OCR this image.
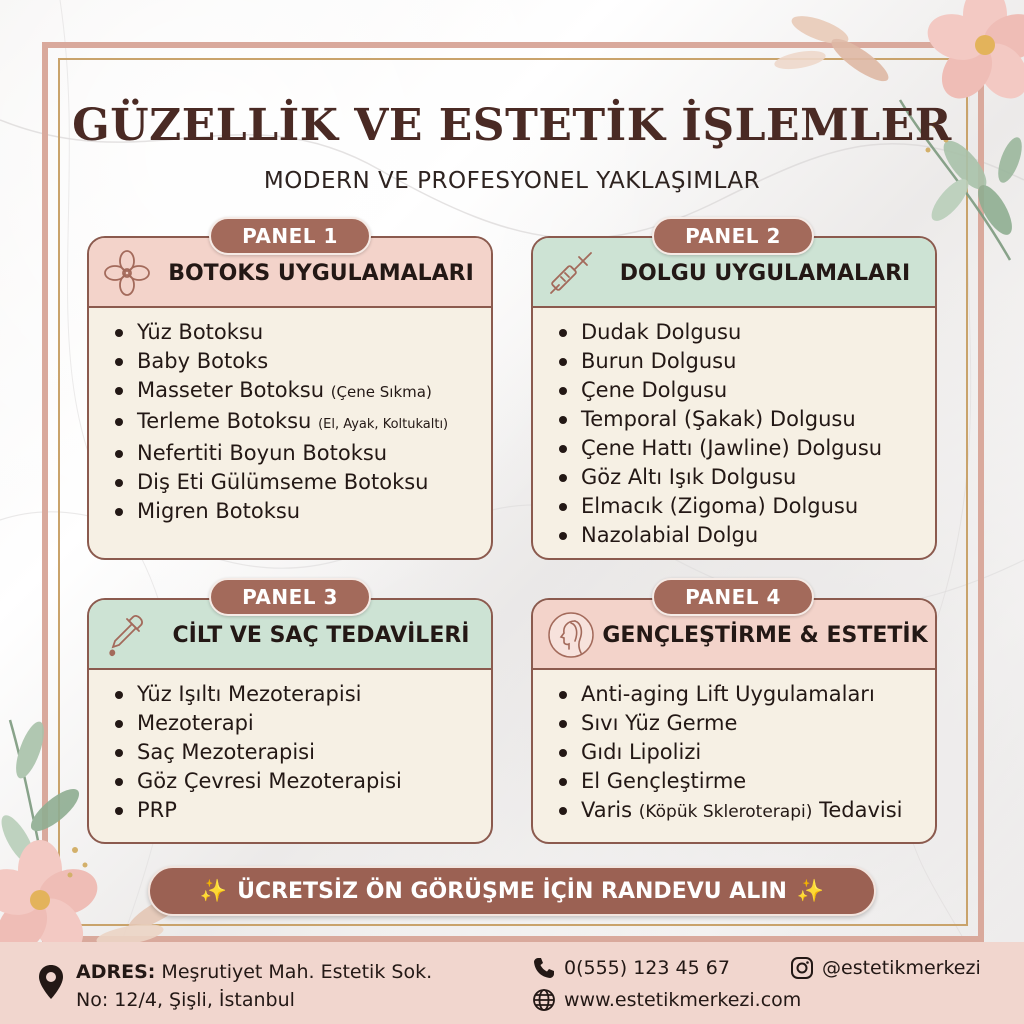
GÜZELLİK VE ESTETİK İŞLEMLER
MODERN VE PROFESYONEL YAKLAŞIMLAR
BOTOKS UYGULAMALARI
Yüz Botoksu
Baby Botoks
Masseter Botoksu (Çene Sıkma)
Terleme Botoksu (El, Ayak, Koltukaltı)
Nefertiti Boyun Botoksu
Diş Eti Gülümseme Botoksu
Migren Botoksu
PANEL 1
DOLGU UYGULAMALARI
Dudak Dolgusu
Burun Dolgusu
Çene Dolgusu
Temporal (Şakak) Dolgusu
Çene Hattı (Jawline) Dolgusu
Göz Altı Işık Dolgusu
Elmacık (Zigoma) Dolgusu
Nazolabial Dolgu
PANEL 2
CİLT VE SAÇ TEDAVİLERİ
Yüz Işıltı Mezoterapisi
Mezoterapi
Saç Mezoterapisi
Göz Çevresi Mezoterapisi
PRP
PANEL 3
GENÇLEŞTİRME & ESTETİK
Anti-aging Lift Uygulamaları
Sıvı Yüz Germe
Gıdı Lipolizi
El Gençleştirme
Varis (Köpük Skleroterapi) Tedavisi
PANEL 4
✨ ÜCRETSİZ ÖN GÖRÜŞME İÇİN RANDEVU ALIN ✨
ADRES: Meşrutiyet Mah. Estetik Sok.
No: 12/4, Şişli, İstanbul
0(555) 123 45 67	@estetikmerkezi
www.estetikmerkezi.com
